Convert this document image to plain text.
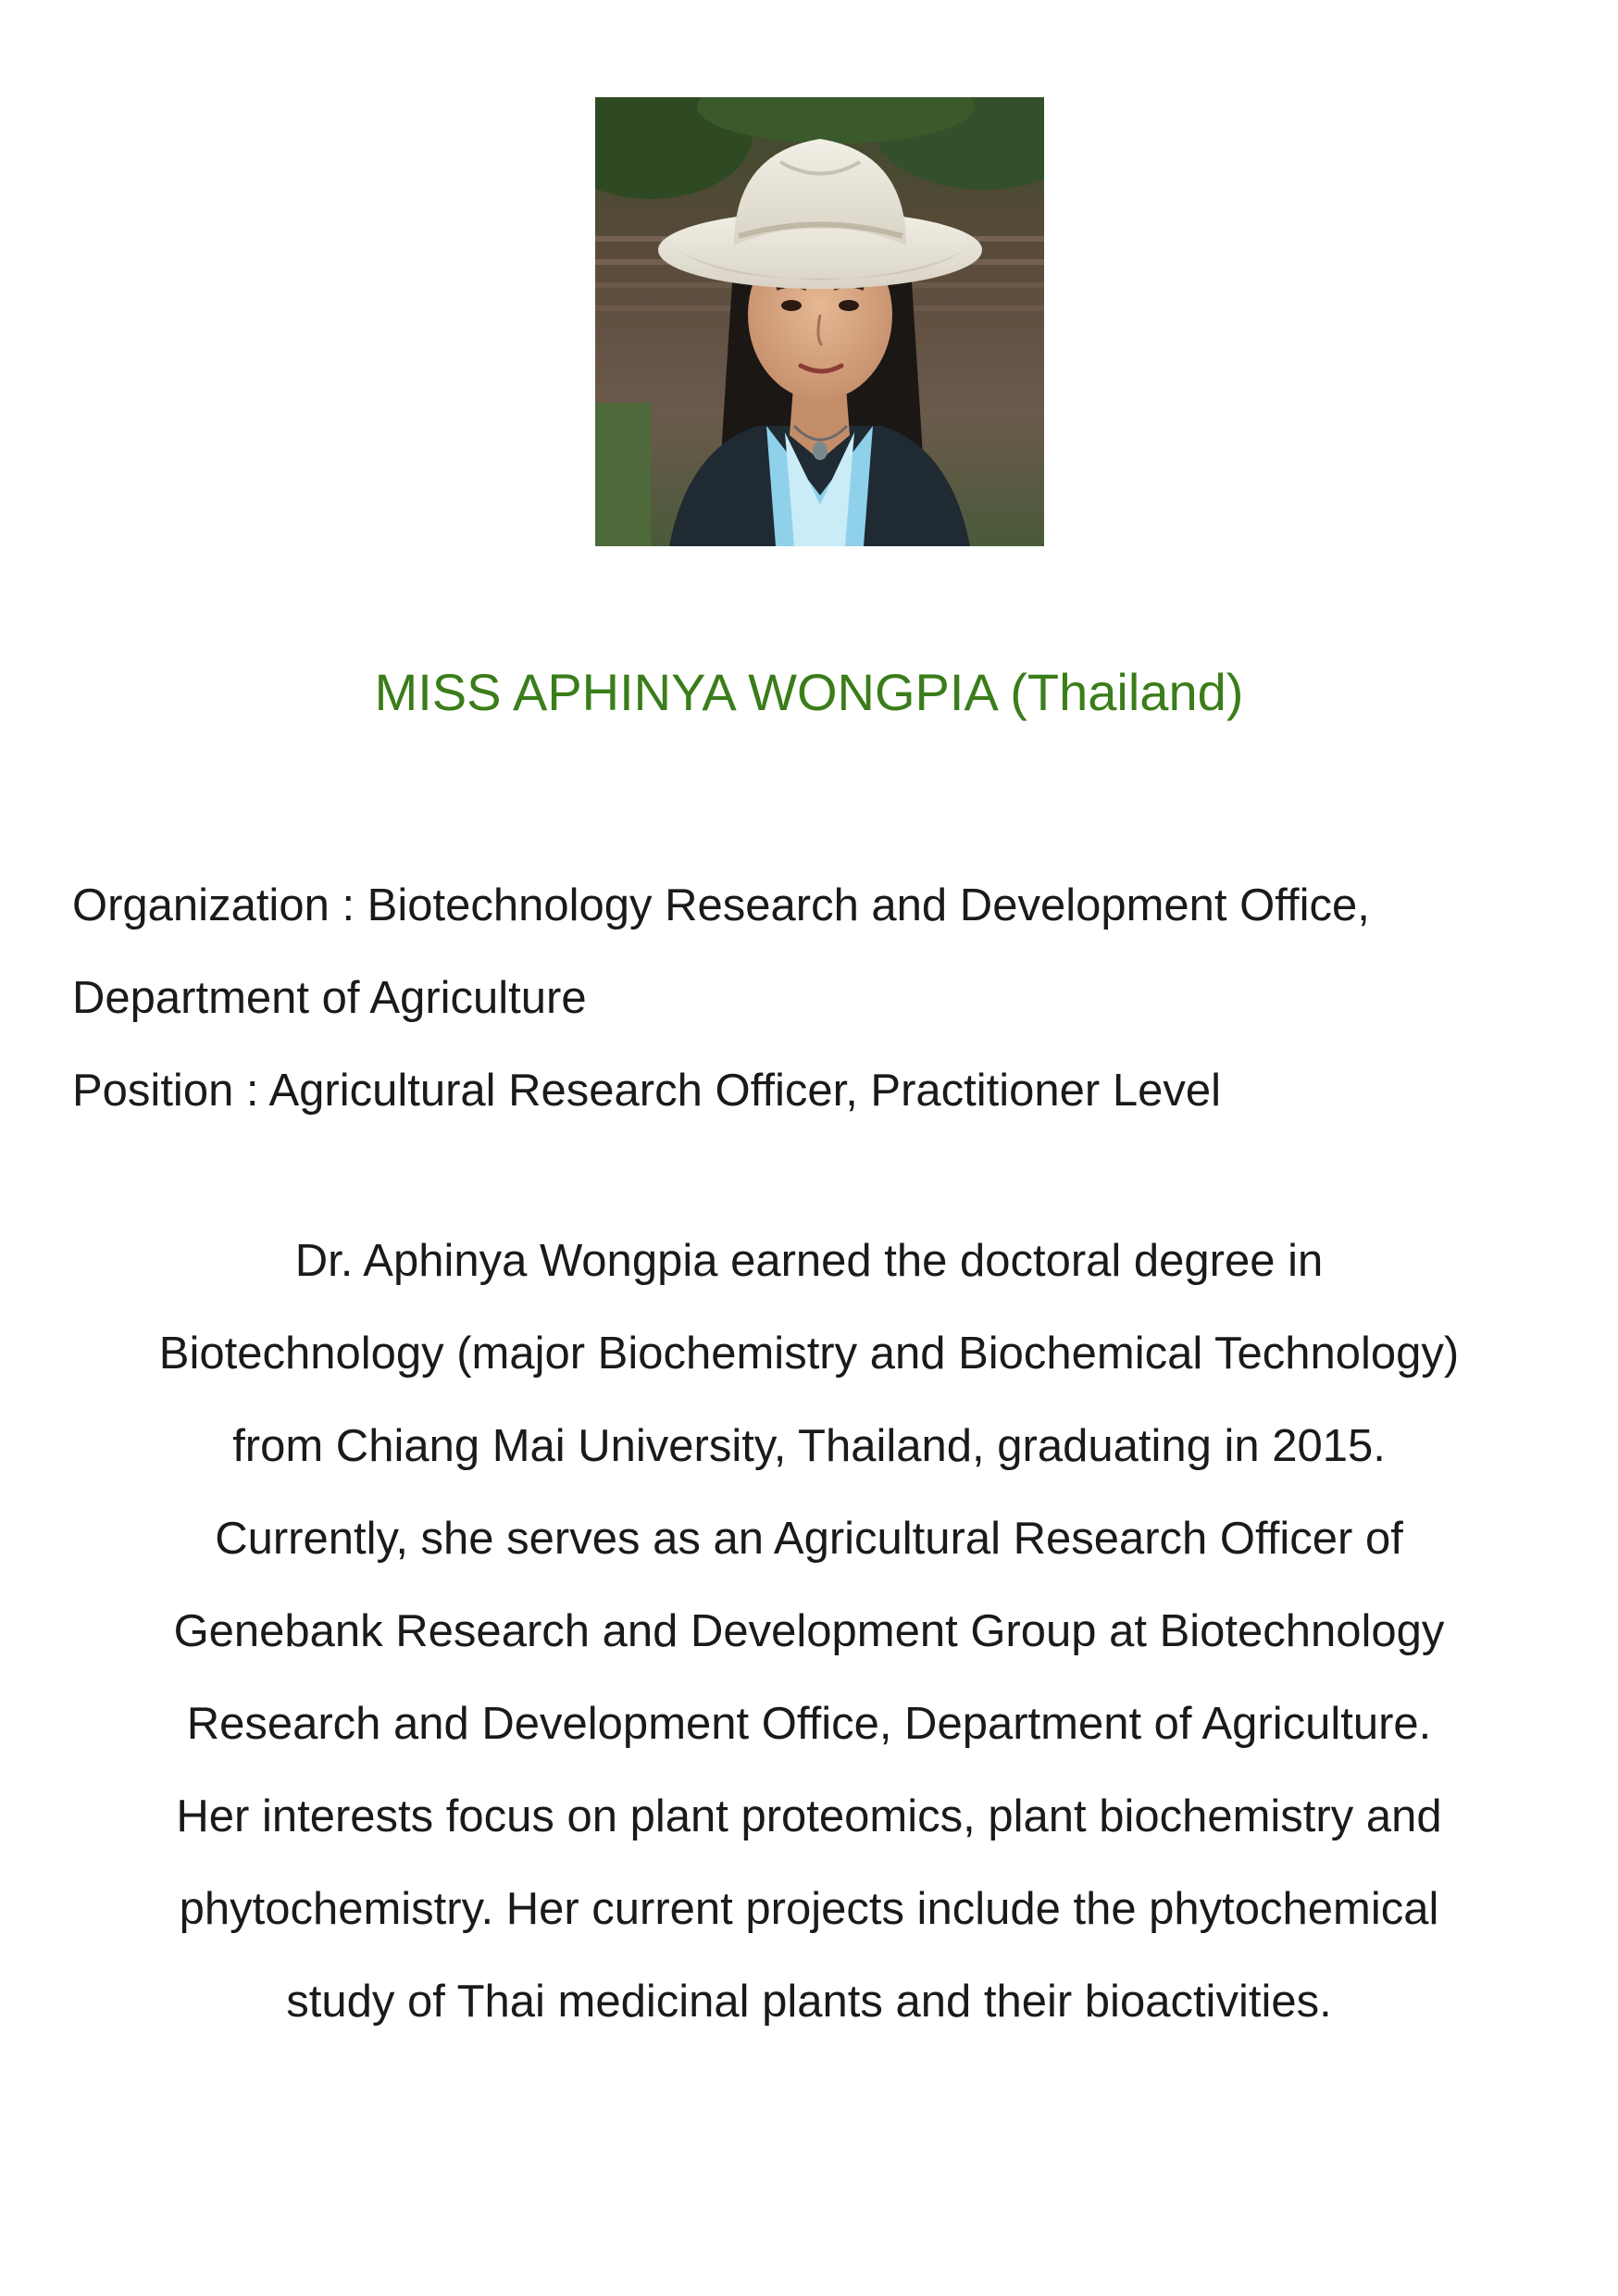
MISS APHINYA WONGPIA (Thailand)
Organization : Biotechnology Research and Development Office,
Department of Agriculture
Position : Agricultural Research Officer, Practitioner Level
Dr. Aphinya Wongpia earned the doctoral degree in
Biotechnology (major Biochemistry and Biochemical Technology)
from Chiang Mai University, Thailand, graduating in 2015.
Currently, she serves as an Agricultural Research Officer of
Genebank Research and Development Group at Biotechnology
Research and Development Office, Department of Agriculture.
Her interests focus on plant proteomics, plant biochemistry and
phytochemistry. Her current projects include the phytochemical
study of Thai medicinal plants and their bioactivities.
